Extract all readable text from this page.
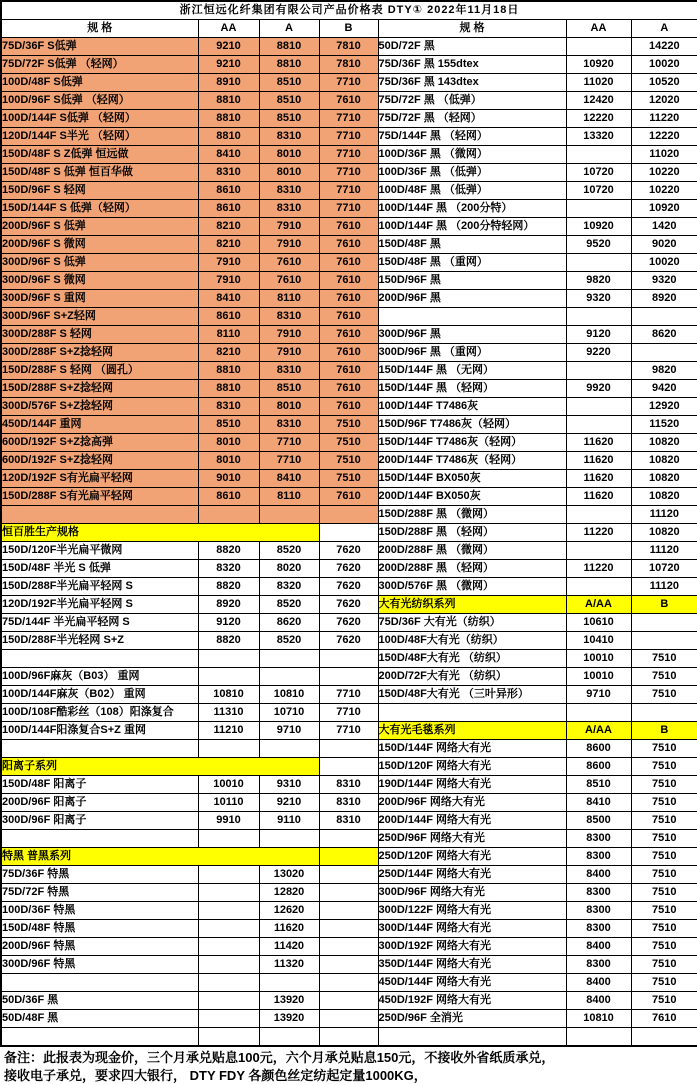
浙江恒远化纤集团有限公司产品价格表 DTY① 2022年11月18日						
规 格	AA	A	B	规 格	AA	A
75D/36F S低弹	9210	8810	7810	50D/72F 黑		14220
75D/72F S低弹 （轻网）	9210	8810	7810	75D/36F 黑 155dtex	10920	10020
100D/48F S低弹	8910	8510	7710	75D/36F 黑 143dtex	11020	10520
100D/96F S低弹 （轻网）	8810	8510	7610	75D/72F 黑 （低弹）	12420	12020
100D/144F S低弹 （轻网）	8810	8510	7710	75D/72F 黑 （轻网）	12220	11220
120D/144F S半光 （轻网）	8810	8310	7710	75D/144F 黑 （轻网）	13320	12220
150D/48F S Z低弹 恒远做	8410	8010	7710	100D/36F 黑 （微网）		11020
150D/48F S 低弹 恒百华做	8310	8010	7710	100D/36F 黑 （低弹）	10720	10220
150D/96F S 轻网	8610	8310	7710	100D/48F 黑 （低弹）	10720	10220
150D/144F S 低弹（轻网）	8610	8310	7710	100D/144F 黑 （200分特）		10920
200D/96F S 低弹	8210	7910	7610	100D/144F 黑 （200分特轻网）	10920	1420
200D/96F S 微网	8210	7910	7610	150D/48F 黑	9520	9020
300D/96F S 低弹	7910	7610	7610	150D/48F 黑 （重网）		10020
300D/96F S 微网	7910	7610	7610	150D/96F 黑	9820	9320
300D/96F S 重网	8410	8110	7610	200D/96F 黑	9320	8920
300D/96F S+Z轻网	8610	8310	7610			
300D/288F S 轻网	8110	7910	7610	300D/96F 黑	9120	8620
300D/288F S+Z捻轻网	8210	7910	7610	300D/96F 黑 （重网）	9220	
150D/288F S 轻网 （圆孔）	8810	8310	7610	150D/144F 黑 （无网）		9820
150D/288F S+Z捻轻网	8810	8510	7610	150D/144F 黑 （轻网）	9920	9420
300D/576F S+Z捻轻网	8310	8010	7610	100D/144F T7486灰		12920
450D/144F 重网	8510	8310	7510	150D/96F T7486灰（轻网）		11520
600D/192F S+Z捻高弹	8010	7710	7510	150D/144F T7486灰（轻网）	11620	10820
600D/192F S+Z捻轻网	8010	7710	7510	200D/144F T7486灰（轻网）	11620	10820
120D/192F S有光扁平轻网	9010	8410	7510	150D/144F BX050灰	11620	10820
150D/288F S有光扁平轻网	8610	8110	7610	200D/144F BX050灰	11620	10820
				150D/288F 黑 （微网）		11120
恒百胜生产规格				150D/288F 黑 （轻网）	11220	10820
150D/120F半光扁平微网	8820	8520	7620	200D/288F 黑 （微网）		11120
150D/48F 半光 S 低弹	8320	8020	7620	200D/288F 黑 （轻网）	11220	10720
150D/288F半光扁平轻网 S	8820	8320	7620	300D/576F 黑 （微网）		11120
120D/192F半光扁平轻网 S	8920	8520	7620	大有光纺织系列	A/AA	B
75D/144F 半光扁平轻网 S	9120	8620	7620	75D/36F 大有光（纺织）	10610	
150D/288F半光轻网 S+Z	8820	8520	7620	100D/48F大有光（纺织）	10410	
				150D/48F大有光 （纺织）	10010	7510
100D/96F麻灰（B03） 重网				200D/72F大有光 （纺织）	10010	7510
100D/144F麻灰（B02） 重网	10810	10810	7710	150D/48F大有光 （三叶异形）	9710	7510
100D/108F酷彩丝（108）阳涤复合	11310	10710	7710			
100D/144F阳涤复合S+Z 重网	11210	9710	7710	大有光毛毯系列	A/AA	B
				150D/144F 网络大有光	8600	7510
阳离子系列				150D/120F 网络大有光	8600	7510
150D/48F 阳离子	10010	9310	8310	190D/144F 网络大有光	8510	7510
200D/96F 阳离子	10110	9210	8310	200D/96F 网络大有光	8410	7510
300D/96F 阳离子	9910	9110	8310	200D/144F 网络大有光	8500	7510
				250D/96F 网络大有光	8300	7510
特黑 普黑系列				250D/120F 网络大有光	8300	7510
75D/36F 特黑		13020		250D/144F 网络大有光	8400	7510
75D/72F 特黑		12820		300D/96F 网络大有光	8300	7510
100D/36F 特黑		12620		300D/122F 网络大有光	8300	7510
150D/48F 特黑		11620		300D/144F 网络大有光	8300	7510
200D/96F 特黑		11420		300D/192F 网络大有光	8400	7510
300D/96F 特黑		11320		350D/144F 网络大有光	8300	7510
				450D/144F 网络大有光	8400	7510
50D/36F 黑		13920		450D/192F 网络大有光	8400	7510
50D/48F 黑		13920		250D/96F 全消光	10810	7610

备注：此报表为现金价，三个月承兑贴息100元，六个月承兑贴息150元，不接收外省纸质承兑，
接收电子承兑，要求四大银行， DTY FDY 各颜色丝定纺起定量1000KG，
